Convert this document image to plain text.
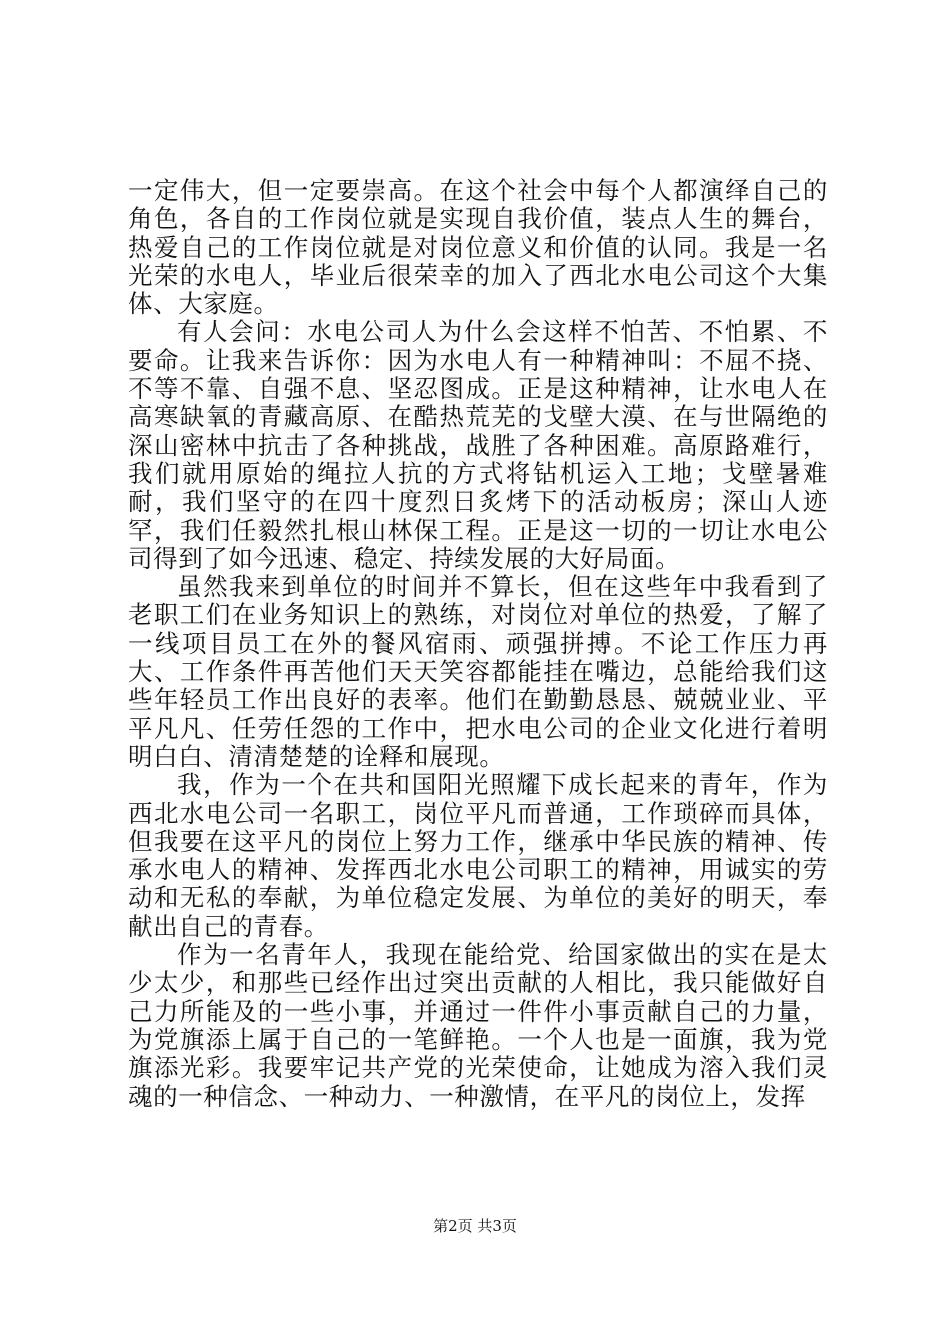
一定伟大，但一定要崇高。在这个社会中每个人都演绎自己的角色，各自的工作岗位就是实现自我价值，装点人生的舞台，热爱自己的工作岗位就是对岗位意义和价值的认同。我是一名光荣的水电人，毕业后很荣幸的加入了西北水电公司这个大集体、大家庭。

有人会问：水电公司人为什么会这样不怕苦、不怕累、不要命。让我来告诉你：因为水电人有一种精神叫：不屈不挠、不等不靠、自强不息、坚忍图成。正是这种精神，让水电人在高寒缺氧的青藏高原、在酷热荒芜的戈壁大漠、在与世隔绝的深山密林中抗击了各种挑战，战胜了各种困难。高原路难行，我们就用原始的绳拉人抗的方式将钻机运入工地；戈壁暑难耐，我们坚守的在四十度烈日炙烤下的活动板房；深山人迹罕，我们任毅然扎根山林保工程。正是这一切的一切让水电公司得到了如今迅速、稳定、持续发展的大好局面。

虽然我来到单位的时间并不算长，但在这些年中我看到了老职工们在业务知识上的熟练，对岗位对单位的热爱，了解了一线项目员工在外的餐风宿雨、顽强拼搏。不论工作压力再大、工作条件再苦他们天天笑容都能挂在嘴边，总能给我们这些年轻员工作出良好的表率。他们在勤勤恳恳、兢兢业业、平平凡凡、任劳任怨的工作中，把水电公司的企业文化进行着明明白白、清清楚楚的诠释和展现。

我，作为一个在共和国阳光照耀下成长起来的青年，作为西北水电公司一名职工，岗位平凡而普通，工作琐碎而具体，但我要在这平凡的岗位上努力工作，继承中华民族的精神、传承水电人的精神、发挥西北水电公司职工的精神，用诚实的劳动和无私的奉献，为单位稳定发展、为单位的美好的明天，奉献出自己的青春。

作为一名青年人，我现在能给党、给国家做出的实在是太少太少，和那些已经作出过突出贡献的人相比，我只能做好自己力所能及的一些小事，并通过一件件小事贡献自己的力量，为党旗添上属于自己的一笔鲜艳。一个人也是一面旗，我为党旗添光彩。我要牢记共产党的光荣使命，让她成为溶入我们灵魂的一种信念、一种动力、一种激情，在平凡的岗位上，发挥

第2页 共3页
